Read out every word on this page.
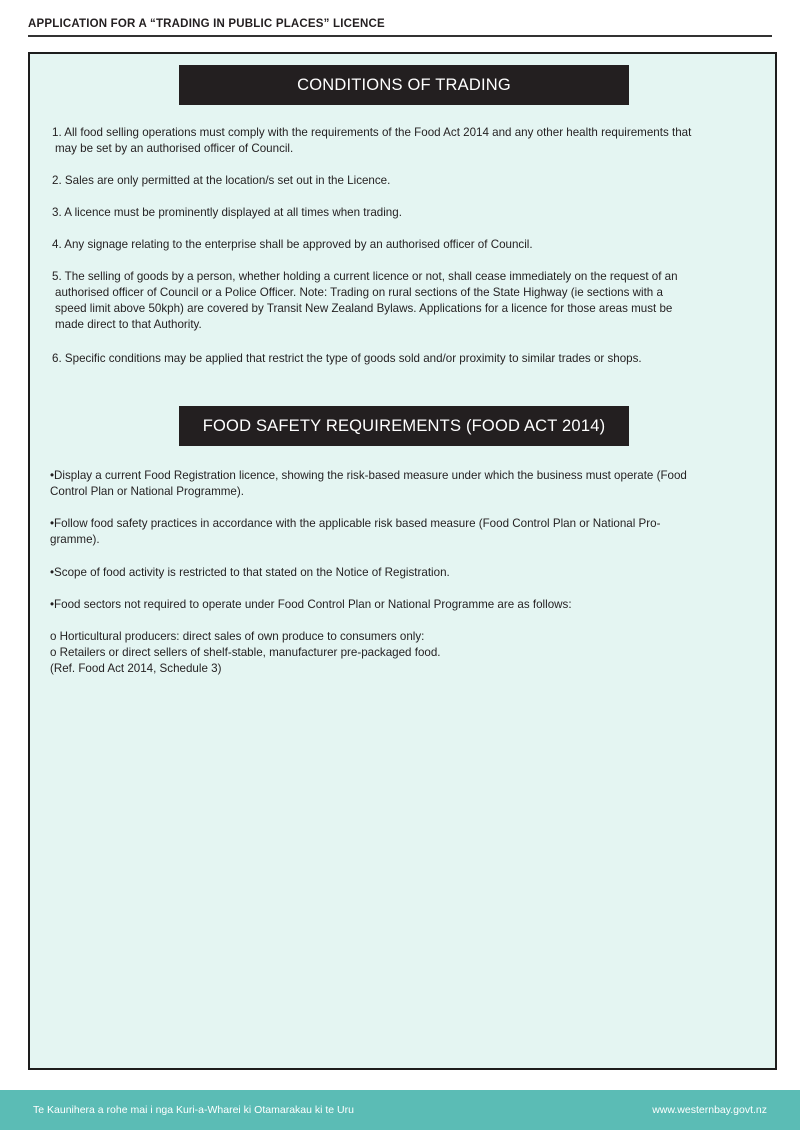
APPLICATION FOR A “TRADING IN PUBLIC PLACES” LICENCE
CONDITIONS OF TRADING
1. All food selling operations must comply with the requirements of the Food Act 2014 and any other health requirements that
may be set by an authorised officer of Council.
2. Sales are only permitted at the location/s set out in the Licence.
3. A licence must be prominently displayed at all times when trading.
4. Any signage relating to the enterprise shall be approved by an authorised officer of Council.
5. The selling of goods by a person, whether holding a current licence or not, shall cease immediately on the request of an
authorised officer of Council or a Police Officer. Note: Trading on rural sections of the State Highway (ie sections with a
speed limit above 50kph) are covered by Transit New Zealand Bylaws. Applications for a licence for those areas must be
made direct to that Authority.
6. Specific conditions may be applied that restrict the type of goods sold and/or proximity to similar trades or shops.
FOOD SAFETY REQUIREMENTS (FOOD ACT 2014)
•Display a current Food Registration licence, showing the risk-based measure under which the business must operate (Food
Control Plan or National Programme).
•Follow food safety practices in accordance with the applicable risk based measure (Food Control Plan or National Pro-
gramme).
•Scope of food activity is restricted to that stated on the Notice of Registration.
•Food sectors not required to operate under Food Control Plan or National Programme are as follows:
o Horticultural producers: direct sales of own produce to consumers only:
o Retailers or direct sellers of shelf-stable, manufacturer pre-packaged food.
(Ref. Food Act 2014, Schedule 3)
Te Kaunihera a rohe mai i nga Kuri-a-Wharei ki Otamarakau ki te Uru	www.westernbay.govt.nz
